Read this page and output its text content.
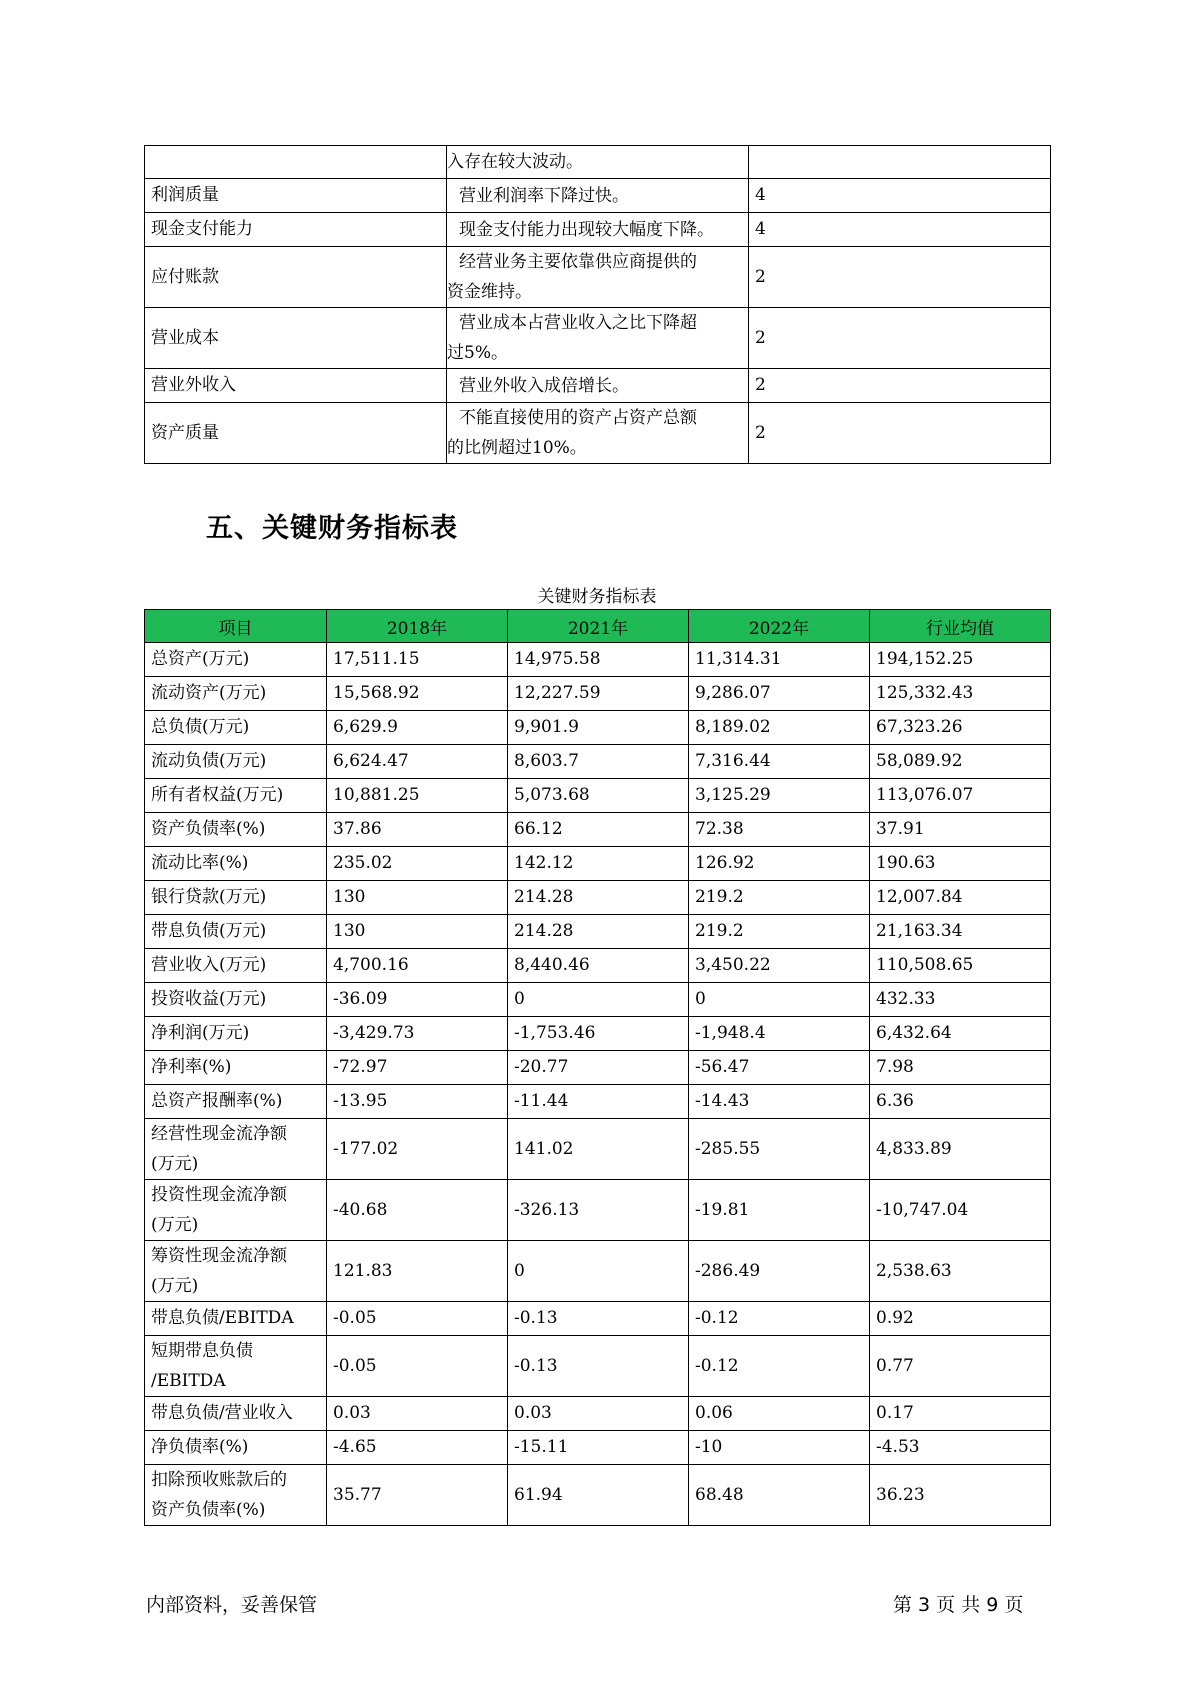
	入存在较大波动。	
利润质量	营业利润率下降过快。	4
现金支付能力	现金支付能力出现较大幅度下降。	4
应付账款	经营业务主要依靠供应商提供的
资金维持。	2
营业成本	营业成本占营业收入之比下降超
过5%。	2
营业外收入	营业外收入成倍增长。	2
资产质量	不能直接使用的资产占资产总额
的比例超过10%。	2
五、关键财务指标表
关键财务指标表
项目	2018年	2021年	2022年	行业均值
总资产(万元)	17,511.15	14,975.58	11,314.31	194,152.25
流动资产(万元)	15,568.92	12,227.59	9,286.07	125,332.43
总负债(万元)	6,629.9	9,901.9	8,189.02	67,323.26
流动负债(万元)	6,624.47	8,603.7	7,316.44	58,089.92
所有者权益(万元)	10,881.25	5,073.68	3,125.29	113,076.07
资产负债率(%)	37.86	66.12	72.38	37.91
流动比率(%)	235.02	142.12	126.92	190.63
银行贷款(万元)	130	214.28	219.2	12,007.84
带息负债(万元)	130	214.28	219.2	21,163.34
营业收入(万元)	4,700.16	8,440.46	3,450.22	110,508.65
投资收益(万元)	-36.09	0	0	432.33
净利润(万元)	-3,429.73	-1,753.46	-1,948.4	6,432.64
净利率(%)	-72.97	-20.77	-56.47	7.98
总资产报酬率(%)	-13.95	-11.44	-14.43	6.36
经营性现金流净额
(万元)	-177.02	141.02	-285.55	4,833.89
投资性现金流净额
(万元)	-40.68	-326.13	-19.81	-10,747.04
筹资性现金流净额
(万元)	121.83	0	-286.49	2,538.63
带息负债/EBITDA	-0.05	-0.13	-0.12	0.92
短期带息负债
/EBITDA	-0.05	-0.13	-0.12	0.77
带息负债/营业收入	0.03	0.03	0.06	0.17
净负债率(%)	-4.65	-15.11	-10	-4.53
扣除预收账款后的
资产负债率(%)	35.77	61.94	68.48	36.23
内部资料，妥善保管	第 3 页 共 9 页
